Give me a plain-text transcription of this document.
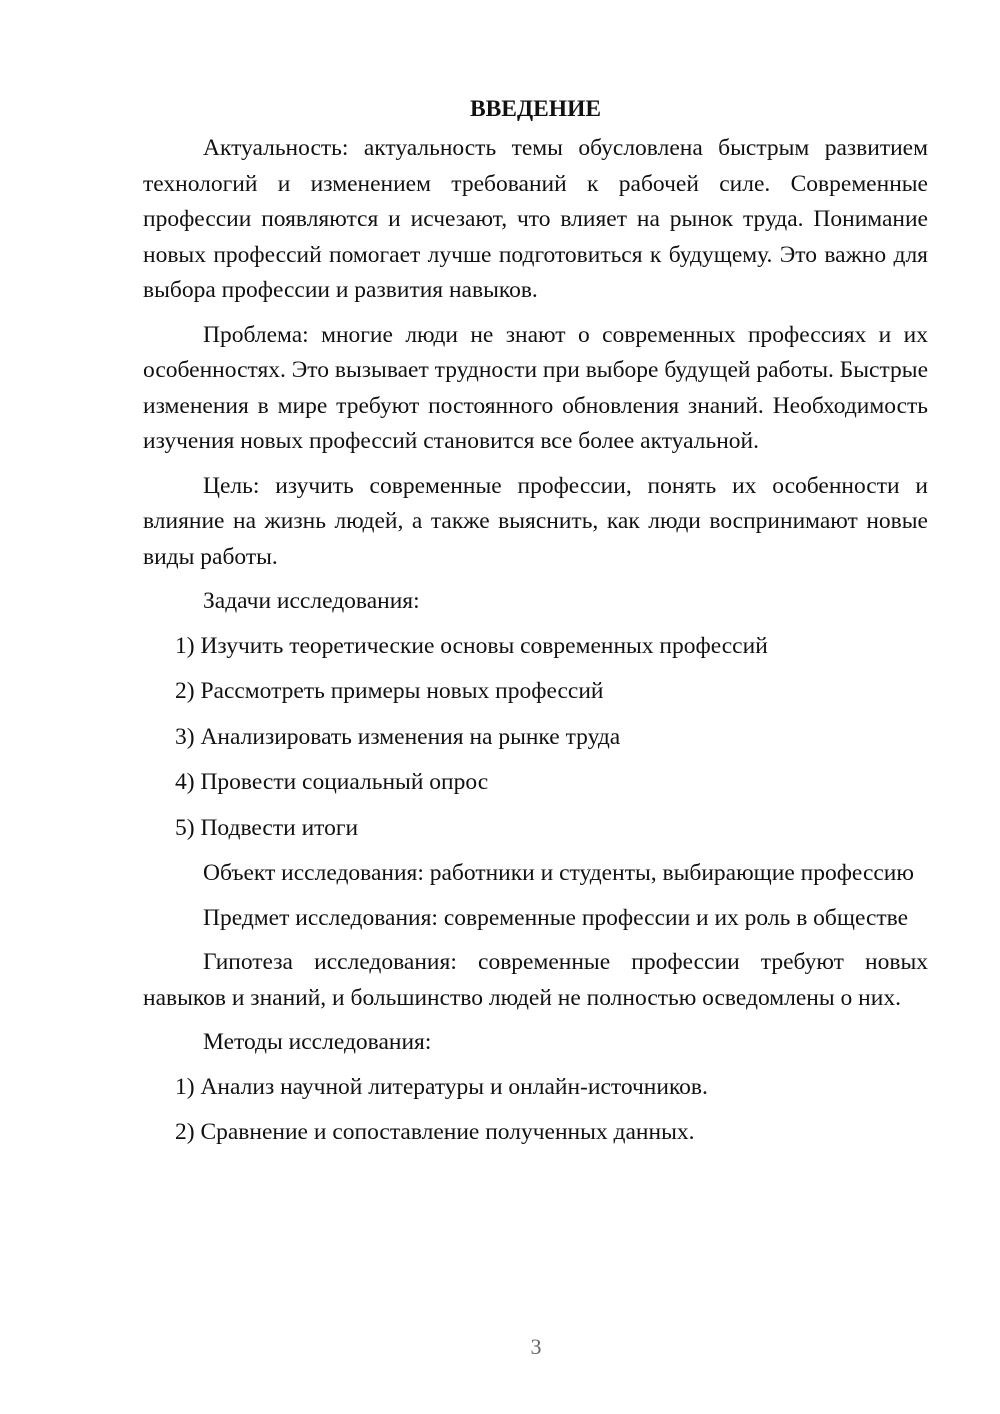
ВВЕДЕНИЕ

Актуальность: актуальность темы обусловлена быстрым развитием технологий и изменением требований к рабочей силе. Современные профессии появляются и исчезают, что влияет на рынок труда. Понимание новых профессий помогает лучше подготовиться к будущему. Это важно для выбора профессии и развития навыков.

Проблема: многие люди не знают о современных профессиях и их особенностях. Это вызывает трудности при выборе будущей работы. Быстрые изменения в мире требуют постоянного обновления знаний. Необходимость изучения новых профессий становится все более актуальной.

Цель: изучить современные профессии, понять их особенности и влияние на жизнь людей, а также выяснить, как люди воспринимают новые виды работы.

Задачи исследования:

1) Изучить теоретические основы современных профессий
2) Рассмотреть примеры новых профессий
3) Анализировать изменения на рынке труда
4) Провести социальный опрос
5) Подвести итоги

Объект исследования: работники и студенты, выбирающие профессию

Предмет исследования: современные профессии и их роль в обществе

Гипотеза исследования: современные профессии требуют новых навыков и знаний, и большинство людей не полностью осведомлены о них.

Методы исследования:

1) Анализ научной литературы и онлайн-источников.
2) Сравнение и сопоставление полученных данных.
3
